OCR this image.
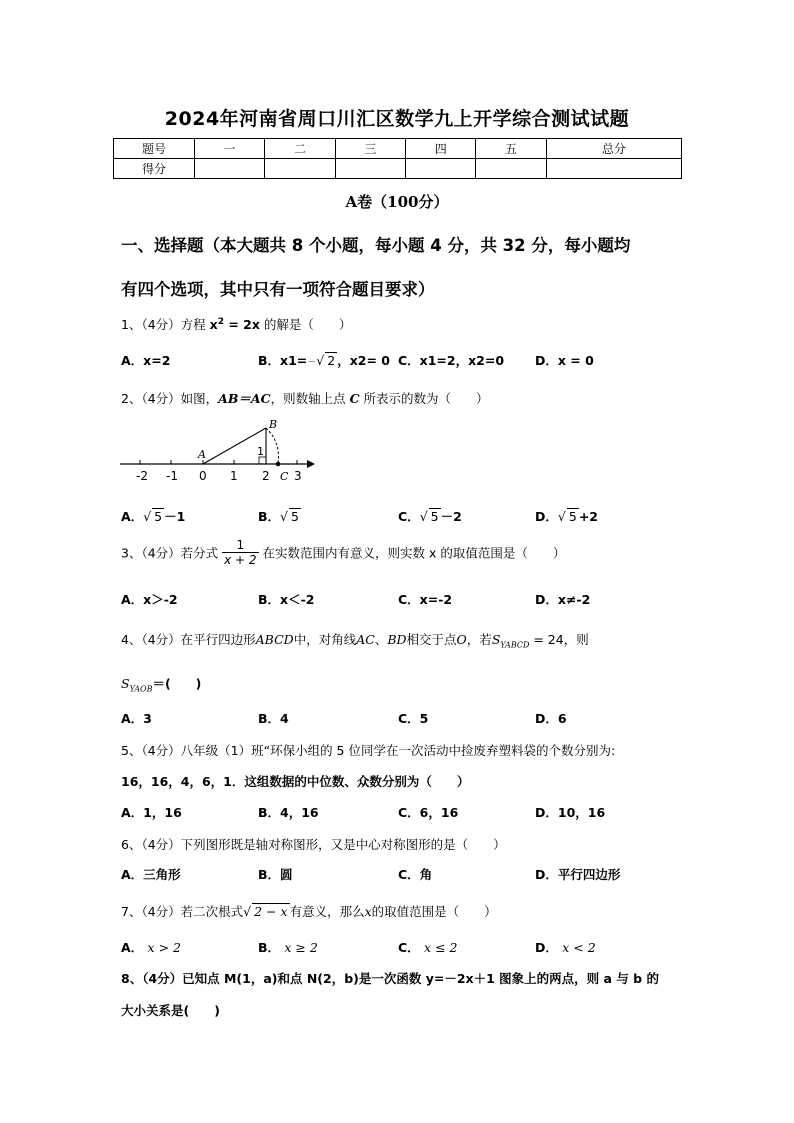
2024年河南省周口川汇区数学九上开学综合测试试题
题号	一	二	三	四	五	总分
得分						
A卷（100分）
一、选择题（本大题共 8 个小题，每小题 4 分，共 32 分，每小题均
有四个选项，其中只有一项符合题目要求）
1、（4分）方程 $x^2 = 2x$ 的解是（　　）
A．x=2	B．x1=－√ 2 ，x2= 0 C．x1=2，x2=0 D．x = 0
2、（4分）如图，AB＝AC，则数轴上点 C 所表示的数为（　　）
-2 -1 0 1 2 3
A
B
C
1
A．√ 5 －1	B．√ 5	C．√ 5 －2	D．√ 5 +2
3、（4分）若分式 $\frac{1}{x + 2}$ 在实数范围内有意义，则实数 x 的取值范围是（　　）
A．x＞-2	B．x＜-2	C．x=-2	D．x≠-2
4、（4分）在平行四边形ABCD中，对角线AC、BD相交于点O，若$S_{YABCD} = 24$，则
$S_{YAOB}=$(　　)
A．3	B．4	C．5	D．6
5、（4分）八年级（1）班“环保小组的 5 位同学在一次活动中捡废弃塑料袋的个数分别为:
16，16，4，6，1．这组数据的中位数、众数分别为（　　）
A．1，16	B．4，16	C．6，16	D．10，16
6、（4分）下列图形既是轴对称图形，又是中心对称图形的是（　　）
A．三角形	B．圆	C．角	D．平行四边形
7、（4分）若二次根式√ 2 − x 有意义，那么x的取值范围是（　　）
A． x > 2	B． x ≥ 2	C． x ≤ 2	D． x < 2
8、（4分）已知点 M(1，a)和点 N(2，b)是一次函数 y=－2x＋1 图象上的两点，则 a 与 b 的
大小关系是(　　)
